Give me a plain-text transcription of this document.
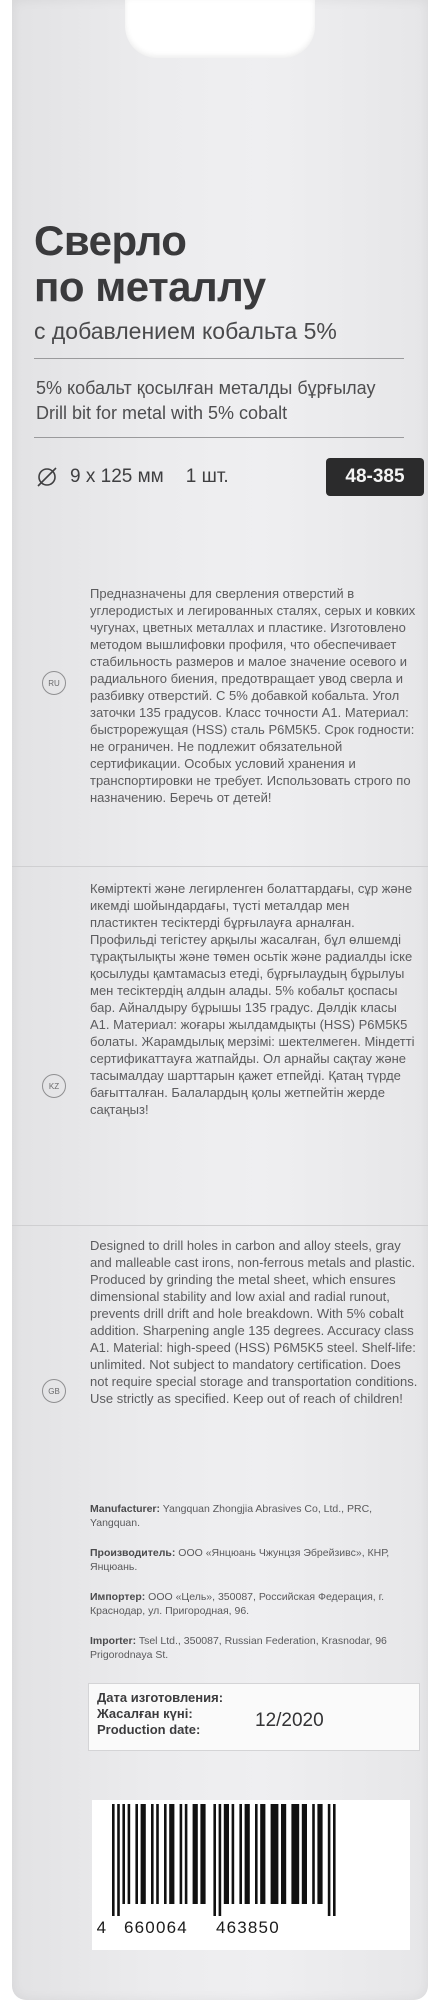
Сверло
по металлу
с добавлением кобальта 5%
5% кобальт қосылған металды бұрғылау
Drill bit for metal with 5% cobalt
9 х 125 мм 1 шт.	48-385

Предназначены для сверления отверстий в углеродистых и легированных сталях, серых и ковких чугунах, цветных металлах и пластике. Изготовлено методом вышлифовки профиля, что обеспечивает стабильность размеров и малое значение осевого и радиального биения, предотвращает увод сверла и разбивку отверстий. С 5% добавкой кобальта. Угол заточки 135 градусов. Класс точности А1. Материал: быстрорежущая (HSS) сталь Р6М5К5. Срок годности: не ограничен. Не подлежит обязательной сертификации. Особых условий хранения и транспортировки не требует. Использовать строго по назначению. Беречь от детей!

RU

Көміртекті және легирленген болаттардағы, сұр және икемді шойындардағы, түсті металдар мен пластиктен тесіктерді бұрғылауға арналған. Профильді тегістеу арқылы жасалған, бұл өлшемді тұрақтылықты және төмен осьтік және радиалды іске қосылуды қамтамасыз етеді, бұрғылаудың бұрылуы мен тесіктердің алдын алады. 5% кобальт қоспасы бар. Айналдыру бұрышы 135 градус. Дәлдік класы А1. Материал: жоғары жылдамдықты (HSS) Р6М5К5 болаты. Жарамдылық мерзімі: шектелмеген. Міндетті сертификаттауға жатпайды. Ол арнайы сақтау және тасымалдау шарттарын қажет етпейді. Қатаң түрде бағытталған. Балалардың қолы жетпейтін жерде сақтаңыз!

KZ

Designed to drill holes in carbon and alloy steels, gray and malleable cast irons, non-ferrous metals and plastic. Produced by grinding the metal sheet, which ensures dimensional stability and low axial and radial runout, prevents drill drift and hole breakdown. With 5% cobalt addition. Sharpening angle 135 degrees. Accuracy class A1. Material: high-speed (HSS) P6M5K5 steel. Shelf-life: unlimited. Not subject to mandatory certification. Does not require special storage and transportation conditions. Use strictly as specified. Keep out of reach of children!

GB
Manufacturer: Yangquan Zhongjia Abrasives Co, Ltd., PRC, Yangquan.
Производитель: ООО «Янцюань Чжунцзя Эбрейзивс», КНР, Янцюань.
Импортер: ООО «Цель», 350087, Российская Федерация, г. Краснодар, ул. Пригородная, 96.
Importer: Tsel Ltd., 350087, Russian Federation, Krasnodar, 96 Prigorodnaya St.
Дата изготовления:
Жасалған күні:
Production date:	12/2020
4 660064 463850
